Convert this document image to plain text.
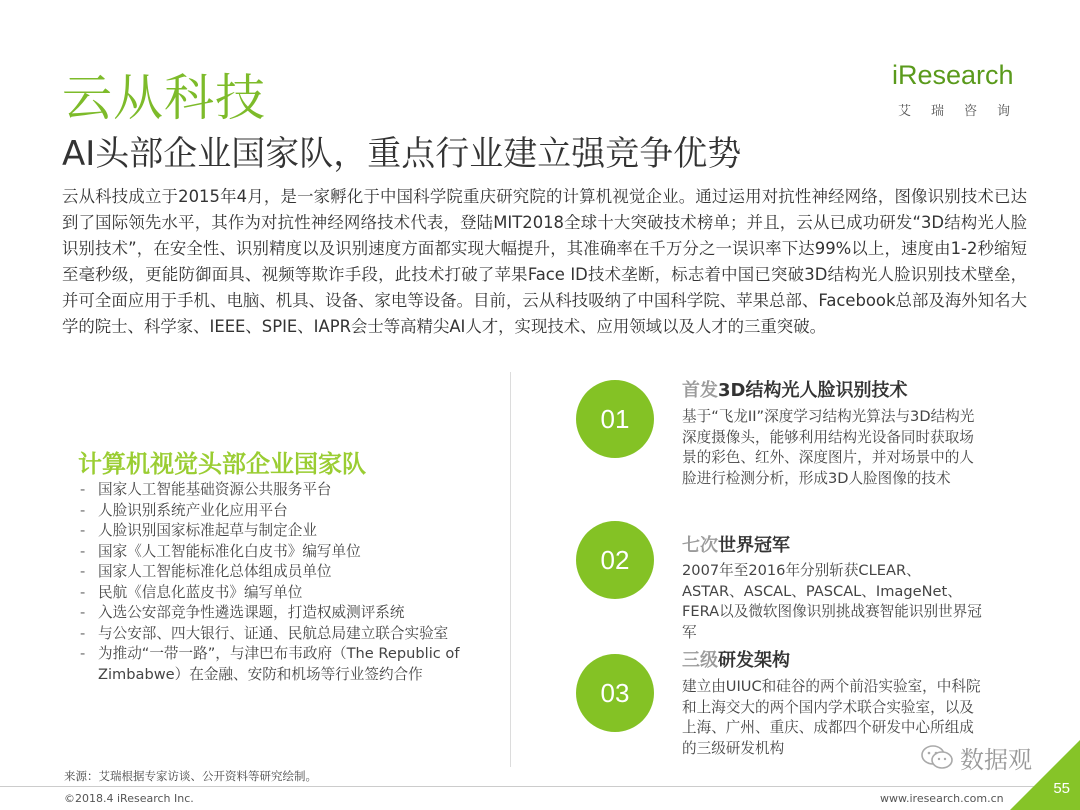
云从科技
AI头部企业国家队，重点行业建立强竞争优势
iResearch
艾瑞咨询
云从科技成立于2015年4月，是一家孵化于中国科学院重庆研究院的计算机视觉企业。通过运用对抗性神经网络，图像识别技术已达到了国际领先水平，其作为对抗性神经网络技术代表，登陆MIT2018全球十大突破技术榜单；并且，云从已成功研发“3D结构光人脸识别技术”，在安全性、识别精度以及识别速度方面都实现大幅提升，其准确率在千万分之一误识率下达99%以上，速度由1-2秒缩短至毫秒级，更能防御面具、视频等欺诈手段，此技术打破了苹果Face ID技术垄断，标志着中国已突破3D结构光人脸识别技术壁垒，并可全面应用于手机、电脑、机具、设备、家电等设备。目前，云从科技吸纳了中国科学院、苹果总部、Facebook总部及海外知名大学的院士、科学家、IEEE、SPIE、IAPR会士等高精尖AI人才，实现技术、应用领域以及人才的三重突破。
计算机视觉头部企业国家队
- 国家人工智能基础资源公共服务平台
- 人脸识别系统产业化应用平台
- 人脸识别国家标准起草与制定企业
- 国家《人工智能标准化白皮书》编写单位
- 国家人工智能标准化总体组成员单位
- 民航《信息化蓝皮书》编写单位
- 入选公安部竞争性遴选课题，打造权威测评系统
- 与公安部、四大银行、证通、民航总局建立联合实验室
- 为推动“一带一路”，与津巴布韦政府（The Republic of Zimbabwe）在金融、安防和机场等行业签约合作
01
首发3D结构光人脸识别技术
基于“飞龙II”深度学习结构光算法与3D结构光深度摄像头，能够利用结构光设备同时获取场景的彩色、红外、深度图片，并对场景中的人脸进行检测分析，形成3D人脸图像的技术
02	七次世界冠军
2007年至2016年分别斩获CLEAR、ASTAR、ASCAL、PASCAL、ImageNet、FERA以及微软图像识别挑战赛智能识别世界冠军
03
三级研发架构
建立由UIUC和硅谷的两个前沿实验室，中科院和上海交大的两个国内学术联合实验室，以及上海、广州、重庆、成都四个研发中心所组成的三级研发机构	数据观
来源：艾瑞根据专家访谈、公开资料等研究绘制。
©2018.4 iResearch Inc.	www.iresearch.com.cn
55
